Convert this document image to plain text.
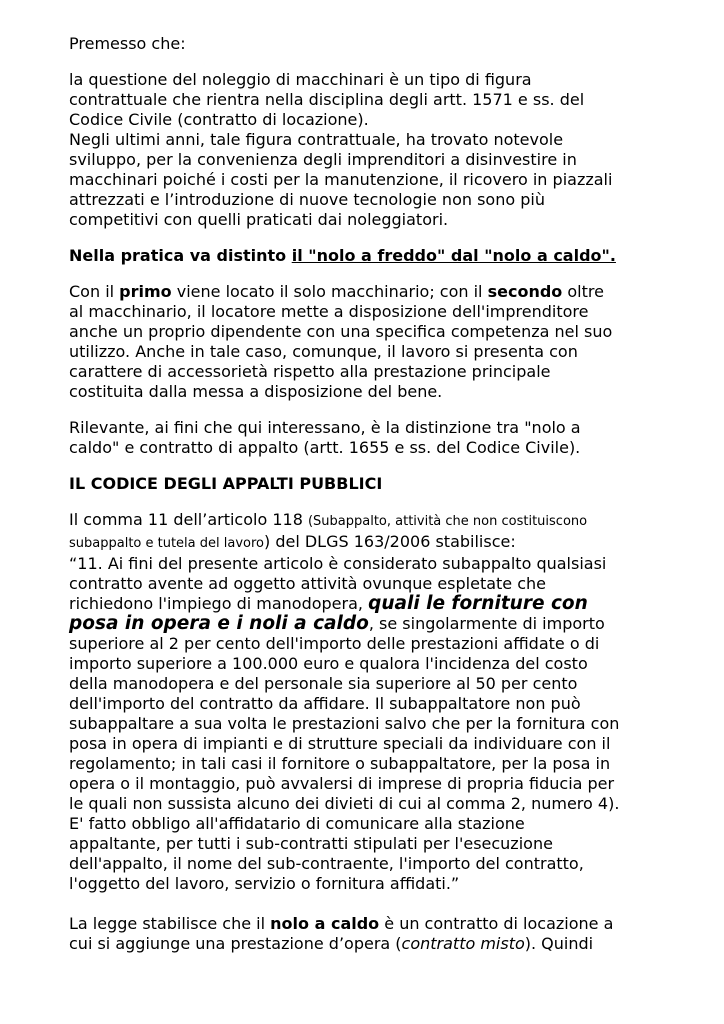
Premesso che:

la questione del noleggio di macchinari è un tipo di figura
contrattuale che rientra nella disciplina degli artt. 1571 e ss. del
Codice Civile (contratto di locazione).
Negli ultimi anni, tale figura contrattuale, ha trovato notevole
sviluppo, per la convenienza degli imprenditori a disinvestire in
macchinari poiché i costi per la manutenzione, il ricovero in piazzali
attrezzati e l’introduzione di nuove tecnologie non sono più
competitivi con quelli praticati dai noleggiatori.

Nella pratica va distinto il "nolo a freddo" dal "nolo a caldo".

Con il primo viene locato il solo macchinario; con il secondo oltre
al macchinario, il locatore mette a disposizione dell'imprenditore
anche un proprio dipendente con una specifica competenza nel suo
utilizzo. Anche in tale caso, comunque, il lavoro si presenta con
carattere di accessorietà rispetto alla prestazione principale
costituita dalla messa a disposizione del bene.

Rilevante, ai fini che qui interessano, è la distinzione tra "nolo a
caldo" e contratto di appalto (artt. 1655 e ss. del Codice Civile).

IL CODICE DEGLI APPALTI PUBBLICI

Il comma 11 dell’articolo 118 (Subappalto, attività che non costituiscono
subappalto e tutela del lavoro) del DLGS 163/2006 stabilisce:
“11. Ai fini del presente articolo è considerato subappalto qualsiasi
contratto avente ad oggetto attività ovunque espletate che
richiedono l'impiego di manodopera, quali le forniture con
posa in opera e i noli a caldo, se singolarmente di importo
superiore al 2 per cento dell'importo delle prestazioni affidate o di
importo superiore a 100.000 euro e qualora l'incidenza del costo
della manodopera e del personale sia superiore al 50 per cento
dell'importo del contratto da affidare. Il subappaltatore non può
subappaltare a sua volta le prestazioni salvo che per la fornitura con
posa in opera di impianti e di strutture speciali da individuare con il
regolamento; in tali casi il fornitore o subappaltatore, per la posa in
opera o il montaggio, può avvalersi di imprese di propria fiducia per
le quali non sussista alcuno dei divieti di cui al comma 2, numero 4).
E' fatto obbligo all'affidatario di comunicare alla stazione
appaltante, per tutti i sub-contratti stipulati per l'esecuzione
dell'appalto, il nome del sub-contraente, l'importo del contratto,
l'oggetto del lavoro, servizio o fornitura affidati.”

La legge stabilisce che il nolo a caldo è un contratto di locazione a
cui si aggiunge una prestazione d’opera (contratto misto). Quindi
